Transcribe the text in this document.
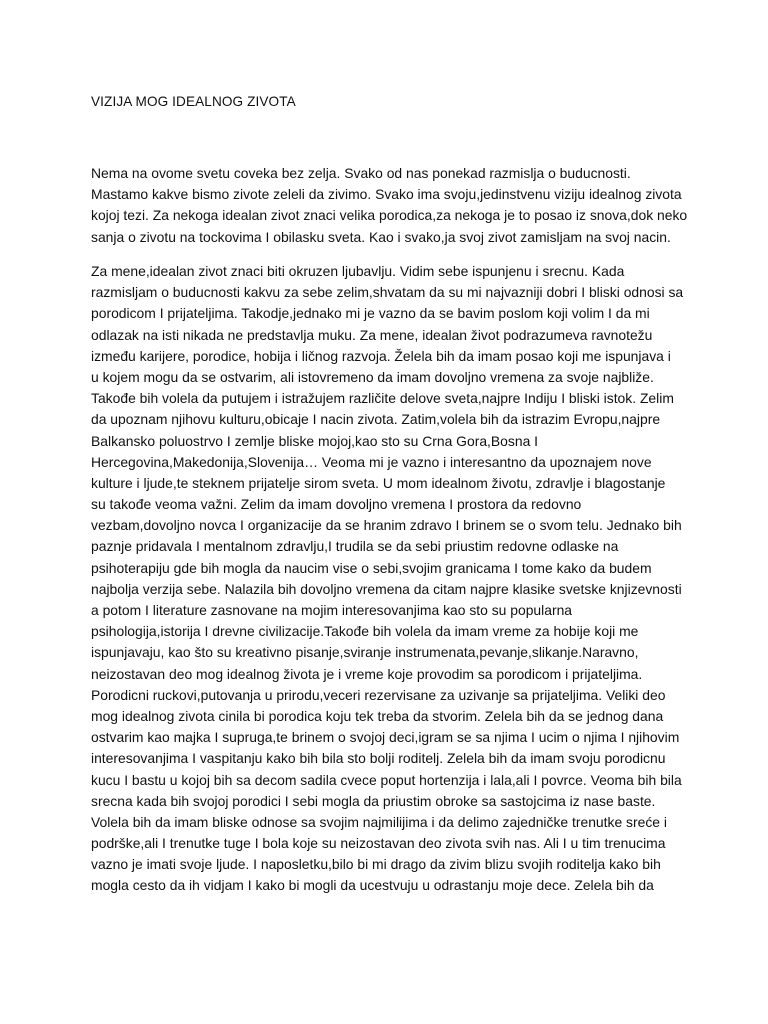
VIZIJA MOG IDEALNOG ZIVOTA
Nema na ovome svetu coveka bez zelja. Svako od nas ponekad razmislja o buducnosti.
Mastamo kakve bismo zivote zeleli da zivimo. Svako ima svoju,jedinstvenu viziju idealnog zivota
kojoj tezi. Za nekoga idealan zivot znaci velika porodica,za nekoga je to posao iz snova,dok neko
sanja o zivotu na tockovima I obilasku sveta. Kao i svako,ja svoj zivot zamisljam na svoj nacin.
Za mene,idealan zivot znaci biti okruzen ljubavlju. Vidim sebe ispunjenu i srecnu. Kada
razmisljam o buducnosti kakvu za sebe zelim,shvatam da su mi najvazniji dobri I bliski odnosi sa
porodicom I prijateljima. Takodje,jednako mi je vazno da se bavim poslom koji volim I da mi
odlazak na isti nikada ne predstavlja muku. Za mene, idealan život podrazumeva ravnotežu
između karijere, porodice, hobija i ličnog razvoja. Želela bih da imam posao koji me ispunjava i
u kojem mogu da se ostvarim, ali istovremeno da imam dovoljno vremena za svoje najbliže.
Takođe bih volela da putujem i istražujem različite delove sveta,najpre Indiju I bliski istok. Zelim
da upoznam njihovu kulturu,obicaje I nacin zivota. Zatim,volela bih da istrazim Evropu,najpre
Balkansko poluostrvo I zemlje bliske mojoj,kao sto su Crna Gora,Bosna I
Hercegovina,Makedonija,Slovenija… Veoma mi je vazno i interesantno da upoznajem nove
kulture i ljude,te steknem prijatelje sirom sveta. U mom idealnom životu, zdravlje i blagostanje
su takođe veoma važni. Zelim da imam dovoljno vremena I prostora da redovno
vezbam,dovoljno novca I organizacije da se hranim zdravo I brinem se o svom telu. Jednako bih
paznje pridavala I mentalnom zdravlju,I trudila se da sebi priustim redovne odlaske na
psihoterapiju gde bih mogla da naucim vise o sebi,svojim granicama I tome kako da budem
najbolja verzija sebe. Nalazila bih dovoljno vremena da citam najpre klasike svetske knjizevnosti
a potom I literature zasnovane na mojim interesovanjima kao sto su popularna
psihologija,istorija I drevne civilizacije.Takođe bih volela da imam vreme za hobije koji me
ispunjavaju, kao što su kreativno pisanje,sviranje instrumenata,pevanje,slikanje.Naravno,
neizostavan deo mog idealnog života je i vreme koje provodim sa porodicom i prijateljima.
Porodicni ruckovi,putovanja u prirodu,veceri rezervisane za uzivanje sa prijateljima. Veliki deo
mog idealnog zivota cinila bi porodica koju tek treba da stvorim. Zelela bih da se jednog dana
ostvarim kao majka I supruga,te brinem o svojoj deci,igram se sa njima I ucim o njima I njihovim
interesovanjima I vaspitanju kako bih bila sto bolji roditelj. Zelela bih da imam svoju porodicnu
kucu I bastu u kojoj bih sa decom sadila cvece poput hortenzija i lala,ali I povrce. Veoma bih bila
srecna kada bih svojoj porodici I sebi mogla da priustim obroke sa sastojcima iz nase baste.
Volela bih da imam bliske odnose sa svojim najmilijima i da delimo zajedničke trenutke sreće i
podrške,ali I trenutke tuge I bola koje su neizostavan deo zivota svih nas. Ali I u tim trenucima
vazno je imati svoje ljude. I naposletku,bilo bi mi drago da zivim blizu svojih roditelja kako bih
mogla cesto da ih vidjam I kako bi mogli da ucestvuju u odrastanju moje dece. Zelela bih da
